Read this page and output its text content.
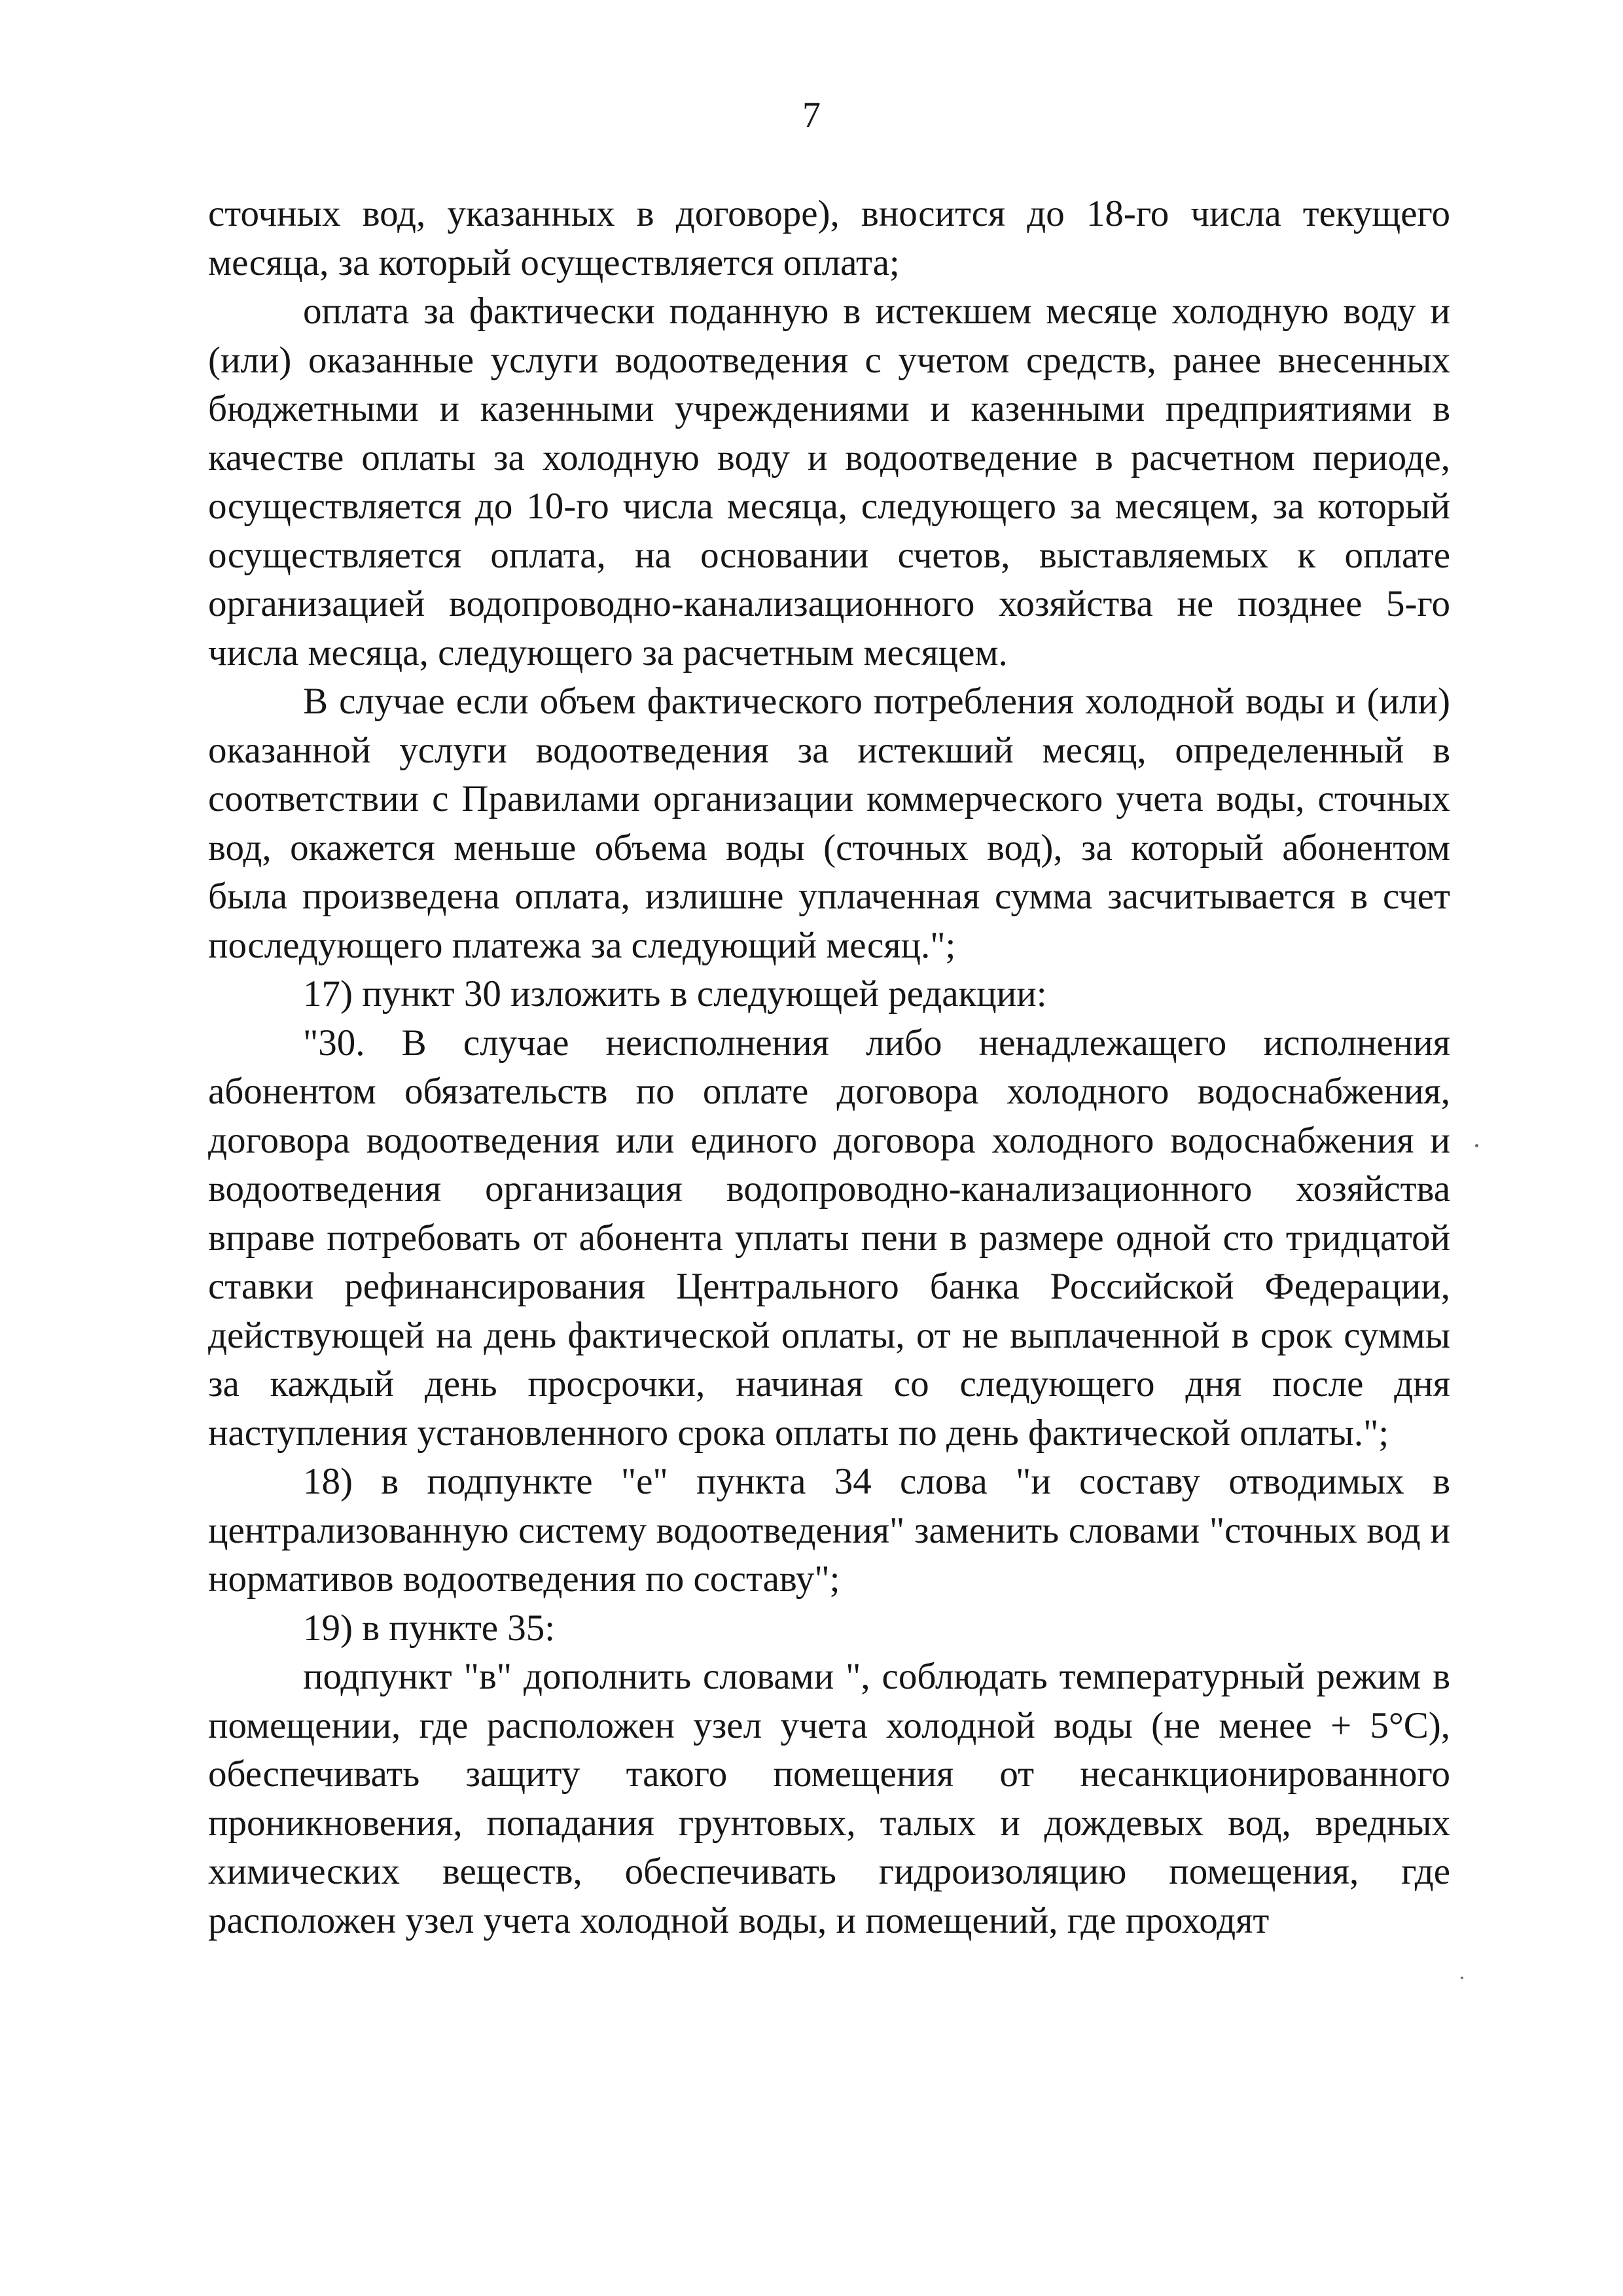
7

сточных вод, указанных в договоре), вносится до 18-го числа текущего месяца, за который осуществляется оплата;

оплата за фактически поданную в истекшем месяце холодную воду и (или) оказанные услуги водоотведения с учетом средств, ранее внесенных бюджетными и казенными учреждениями и казенными предприятиями в качестве оплаты за холодную воду и водоотведение в расчетном периоде, осуществляется до 10-го числа месяца, следующего за месяцем, за который осуществляется оплата, на основании счетов, выставляемых к оплате организацией водопроводно-канализационного хозяйства не позднее 5-го числа месяца, следующего за расчетным месяцем.

В случае если объем фактического потребления холодной воды и (или) оказанной услуги водоотведения за истекший месяц, определенный в соответствии с Правилами организации коммерческого учета воды, сточных вод, окажется меньше объема воды (сточных вод), за который абонентом была произведена оплата, излишне уплаченная сумма засчитывается в счет последующего платежа за следующий месяц.";

17) пункт 30 изложить в следующей редакции:

"30. В случае неисполнения либо ненадлежащего исполнения абонентом обязательств по оплате договора холодного водоснабжения, договора водоотведения или единого договора холодного водоснабжения и водоотведения организация водопроводно-канализационного хозяйства вправе потребовать от абонента уплаты пени в размере одной сто тридцатой ставки рефинансирования Центрального банка Российской Федерации, действующей на день фактической оплаты, от не выплаченной в срок суммы за каждый день просрочки, начиная со следующего дня после дня наступления установленного срока оплаты по день фактической оплаты.";

18) в подпункте "е" пункта 34 слова "и составу отводимых в централизованную систему водоотведения" заменить словами "сточных вод и нормативов водоотведения по составу";

19) в пункте 35:

подпункт "в" дополнить словами ", соблюдать температурный режим в помещении, где расположен узел учета холодной воды (не менее + 5°С), обеспечивать защиту такого помещения от несанкционированного проникновения, попадания грунтовых, талых и дождевых вод, вредных химических веществ, обеспечивать гидроизоляцию помещения, где расположен узел учета холодной воды, и помещений, где проходят
